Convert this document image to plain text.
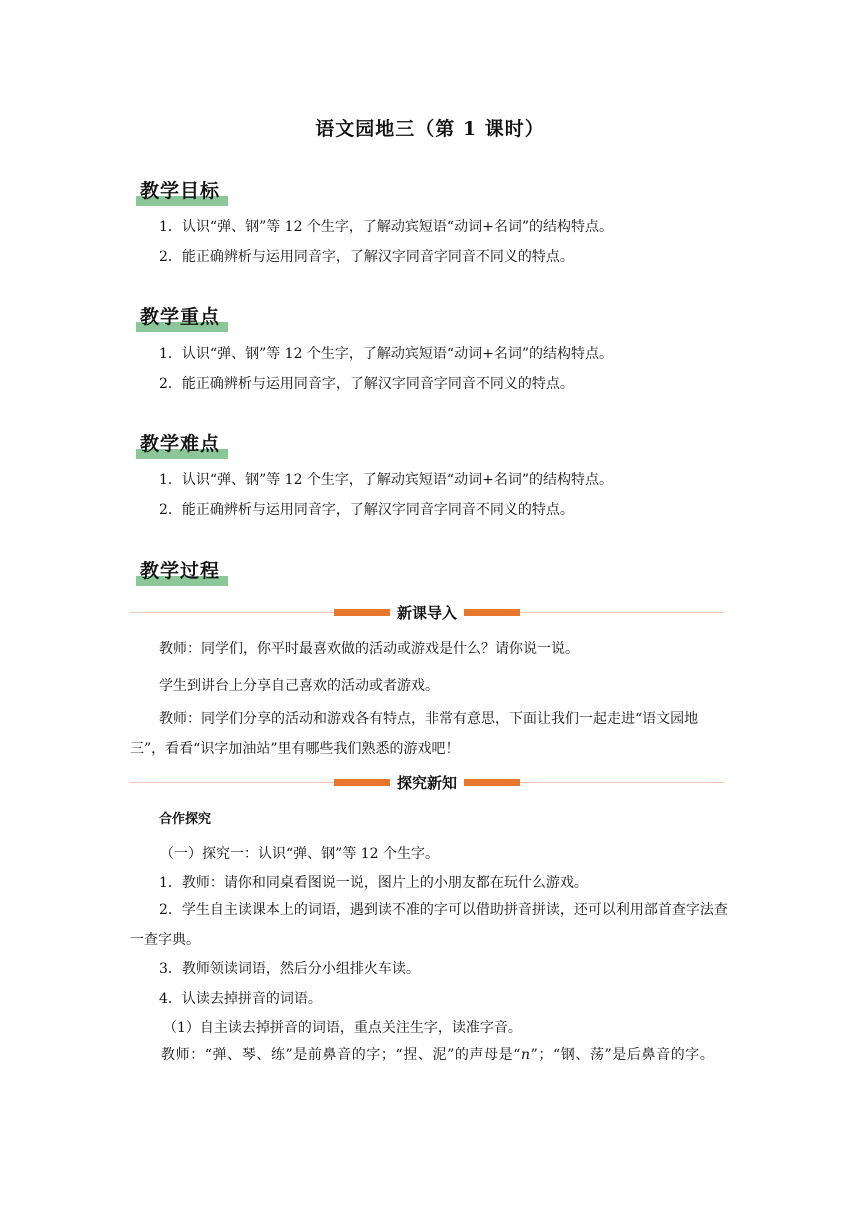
语文园地三（第 1 课时）
教学目标
1．认识“弹、钢”等 12 个生字，了解动宾短语“动词+名词”的结构特点。
2．能正确辨析与运用同音字，了解汉字同音字同音不同义的特点。
教学重点
1．认识“弹、钢”等 12 个生字，了解动宾短语“动词+名词”的结构特点。
2．能正确辨析与运用同音字，了解汉字同音字同音不同义的特点。
教学难点
1．认识“弹、钢”等 12 个生字，了解动宾短语“动词+名词”的结构特点。
2．能正确辨析与运用同音字，了解汉字同音字同音不同义的特点。
教学过程
新课导入
教师：同学们，你平时最喜欢做的活动或游戏是什么？请你说一说。
学生到讲台上分享自己喜欢的活动或者游戏。
教师：同学们分享的活动和游戏各有特点，非常有意思，下面让我们一起走进“语文园地三”，看看“识字加油站”里有哪些我们熟悉的游戏吧！
探究新知
合作探究
（一）探究一：认识“弹、钢”等 12 个生字。
1．教师：请你和同桌看图说一说，图片上的小朋友都在玩什么游戏。
2．学生自主读课本上的词语，遇到读不准的字可以借助拼音拼读，还可以利用部首查字法查一查字典。
3．教师领读词语，然后分小组排火车读。
4．认读去掉拼音的词语。
（1）自主读去掉拼音的词语，重点关注生字，读准字音。
教师：“弹、琴、练”是前鼻音的字；“捏、泥”的声母是“n”；“钢、荡”是后鼻音的字。
